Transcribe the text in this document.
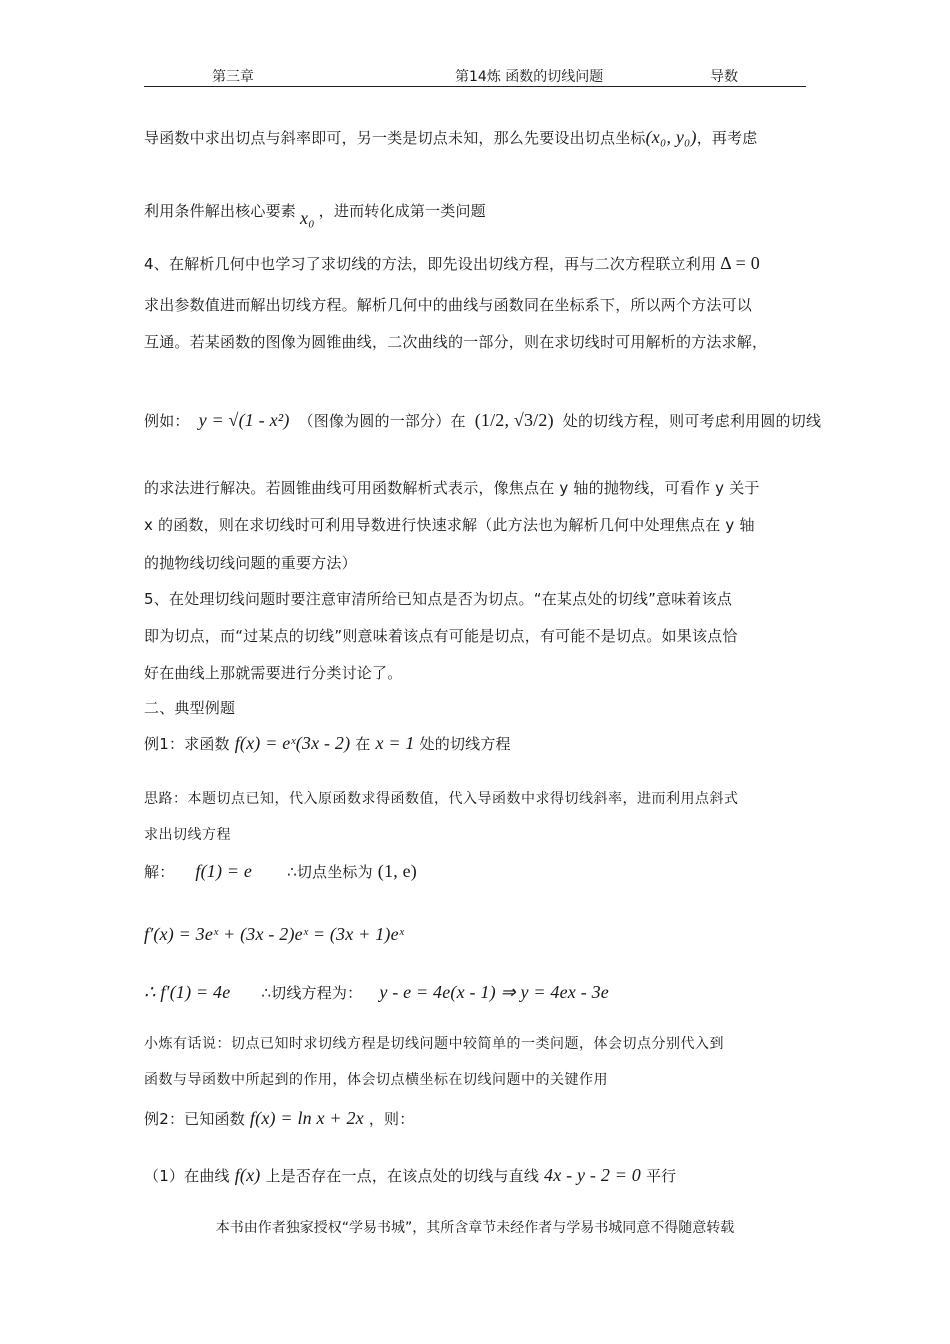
第三章	第14炼 函数的切线问题	导数
导函数中求出切点与斜率即可，另一类是切点未知，那么先要设出切点坐标(x₀, y₀)，再考虑
利用条件解出核心要素 x₀ ，进而转化成第一类问题
4、在解析几何中也学习了求切线的方法，即先设出切线方程，再与二次方程联立利用 Δ = 0
求出参数值进而解出切线方程。解析几何中的曲线与函数同在坐标系下，所以两个方法可以
互通。若某函数的图像为圆锥曲线，二次曲线的一部分，则在求切线时可用解析的方法求解，
例如： y = √(1 - x²) （图像为圆的一部分）在 (1/2, √3/2) 处的切线方程，则可考虑利用圆的切线
的求法进行解决。若圆锥曲线可用函数解析式表示，像焦点在 y 轴的抛物线，可看作 y 关于
x 的函数，则在求切线时可利用导数进行快速求解（此方法也为解析几何中处理焦点在 y 轴
的抛物线切线问题的重要方法）
5、在处理切线问题时要注意审清所给已知点是否为切点。“在某点处的切线”意味着该点
即为切点，而“过某点的切线”则意味着该点有可能是切点，有可能不是切点。如果该点恰
好在曲线上那就需要进行分类讨论了。
二、典型例题
例1：求函数 f(x) = eˣ(3x - 2) 在 x = 1 处的切线方程
思路：本题切点已知，代入原函数求得函数值，代入导函数中求得切线斜率，进而利用点斜式
求出切线方程
解： f(1) = e ∴切点坐标为 (1, e)
f′(x) = 3eˣ + (3x - 2)eˣ = (3x + 1)eˣ
∴ f′(1) = 4e ∴切线方程为： y - e = 4e(x - 1) ⇒ y = 4ex - 3e
小炼有话说：切点已知时求切线方程是切线问题中较简单的一类问题，体会切点分别代入到
函数与导函数中所起到的作用，体会切点横坐标在切线问题中的关键作用
例2：已知函数 f(x) = ln x + 2x ，则：
（1）在曲线 f(x) 上是否存在一点，在该点处的切线与直线 4x - y - 2 = 0 平行
本书由作者独家授权“学易书城”，其所含章节未经作者与学易书城同意不得随意转载
